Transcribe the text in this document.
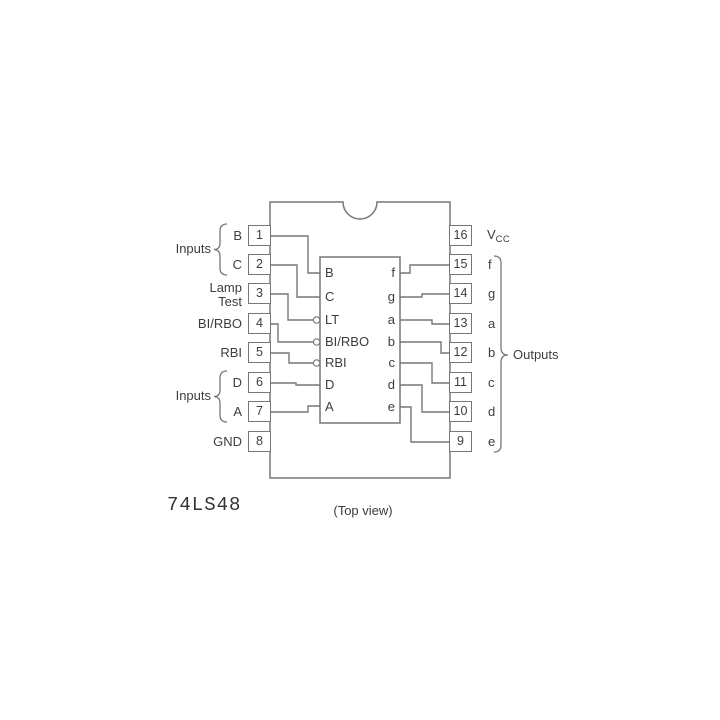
1
2
3
4
5
6
7
8
16
15
14
13
12
11
10
9
B
C
Lamp
Test
BI/RBO
RBI
D
A
GND
Inputs
Inputs
Outputs
$V_{CC}$
f
g
a
b
c
d
e
B
C
LT
BI/RBO
RBI
D
A
f
g
a
b
c
d
e
74LS48	(Top view)
